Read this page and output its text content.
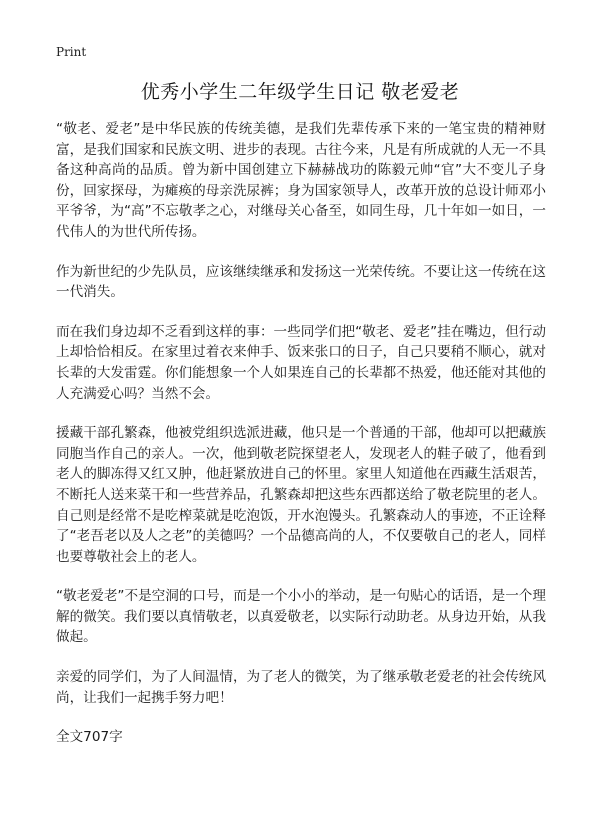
Print
优秀小学生二年级学生日记 敬老爱老

“敬老、爱老”是中华民族的传统美德，是我们先辈传承下来的一笔宝贵的精神财富，是我们国家和民族文明、进步的表现。古往今来，凡是有所成就的人无一不具备这种高尚的品质。曾为新中国创建立下赫赫战功的陈毅元帅“官”大不变儿子身份，回家探母，为瘫痪的母亲洗尿裤；身为国家领导人，改革开放的总设计师邓小平爷爷，为“高”不忘敬孝之心，对继母关心备至，如同生母，几十年如一如日，一代伟人的为世代所传扬。

作为新世纪的少先队员，应该继续继承和发扬这一光荣传统。不要让这一传统在这一代消失。

而在我们身边却不乏看到这样的事：一些同学们把“敬老、爱老”挂在嘴边，但行动上却恰恰相反。在家里过着衣来伸手、饭来张口的日子，自己只要稍不顺心，就对长辈的大发雷霆。你们能想象一个人如果连自己的长辈都不热爱，他还能对其他的人充满爱心吗？当然不会。

援藏干部孔繁森，他被党组织选派进藏，他只是一个普通的干部，他却可以把藏族同胞当作自己的亲人。一次，他到敬老院探望老人，发现老人的鞋子破了，他看到老人的脚冻得又红又肿，他赶紧放进自己的怀里。家里人知道他在西藏生活艰苦，不断托人送来菜干和一些营养品，孔繁森却把这些东西都送给了敬老院里的老人。自己则是经常不是吃榨菜就是吃泡饭，开水泡馒头。孔繁森动人的事迹，不正诠释了“老吾老以及人之老”的美德吗？一个品德高尚的人，不仅要敬自己的老人，同样也要尊敬社会上的老人。

“敬老爱老”不是空洞的口号，而是一个小小的举动，是一句贴心的话语，是一个理解的微笑。我们要以真情敬老，以真爱敬老，以实际行动助老。从身边开始，从我做起。

亲爱的同学们，为了人间温情，为了老人的微笑，为了继承敬老爱老的社会传统风尚，让我们一起携手努力吧！

全文707字
